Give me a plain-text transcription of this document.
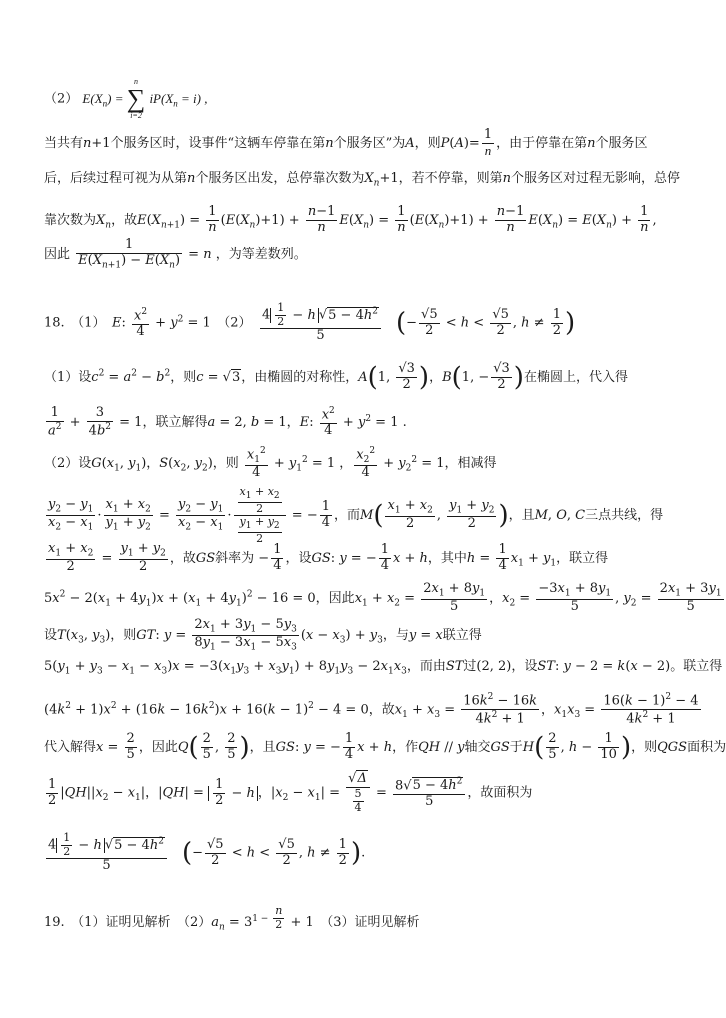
（2） $E(X_n)$ =
n
∑
i=2
$iP(X_n = i)$ ,
当共有n+1个服务区时，设事件“这辆车停靠在第n个服务区”为A，则$P(A)= \frac{1}{n}$ ，由于停靠在第n个服务区
后，后续过程可视为从第n个服务区出发，总停靠次数为$X_n+1$，若不停靠，则第n个服务区对过程无影响，总停
靠次数为$X_n$，故$E(X_{n+1}) = \frac{1}{n} (E(X_n)+1) + \frac{n-1}{n} E(X_n) = \frac{1}{n} (E(X_n)+1) + \frac{n-1}{n} E(X_n) = E(X_n) + \frac{1}{n}$ ,
因此 $\frac{1}{E(X_{n+1}) - E(X_n)} = n$ ，为等差数列。
18.　（1）　E: $\frac{x^2}{4} + y^2 = 1$　（2）　 $\frac{4 \frac{1}{2} - h √5 - 4h^2}{5}$
　 (− $\frac{√5}{2} < h < \frac{√5}{2}$ , $h \ne \frac{1}{2}$ )
（1）设$c^2 = a^2 - b^2$，则c = √3，由椭圆的对称性，A(1, $\frac{√3}{2}$ )，B(1, − $\frac{√3}{2}$ )在椭圆上，代入得
$\frac{1}{a^2} + \frac{3}{4b^2} = 1$，联立解得a = 2, b = 1，E: $\frac{x^2}{4} + y^2 = 1$ .
（2）设$G(x_1$, $y_1$)，$S(x_2$, $y_2$)，则 $\frac{x_1^2}{4} + y_1^2 = 1$ ， $\frac{x_2^2}{4} + y_2^2 = 1$，相减得
$\frac{y_2 - y_1}{x_2 - x_1} \cdot \frac{x_1 + x_2}{y_1 + y_2} = \frac{y_2 - y_1}{x_2 - x_1} \cdot \frac{\frac{x_1 + x_2}{2}}{\frac{y_1 + y_2}{2}}$ = − $\frac{1}{4}$ ，而$M( \frac{x_1 + x_2}{2}$ , $\frac{y_1 + y_2}{2}$ )，且M, O, C三点共线，得
$\frac{x_1 + x_2}{2} = \frac{y_1 + y_2}{2}$ ，故GS斜率为 − $\frac{1}{4}$ ，设GS: y = − $\frac{1}{4}$ x + h，其中$h = \frac{1}{4} x_1 + y_1$，联立得
$5x^2 - 2(x_1 + 4y_1)x + (x_1 + 4y_1)^2 - 16 = 0$，因此$x_1 + x_2 = \frac{2x_1 + 8y_1}{5}$ ，$x_2 = \frac{-3x_1 + 8y_1}{5}$ , $y_2 = \frac{2x_1 + 3y_1}{5}$
设$T(x_3$, $y_3$)，则GT: $y = \frac{2x_1 + 3y_1 - 5y_3}{8y_1 - 3x_1 - 5x_3} (x - x_3) + y_3$，与y = x联立得
$5(y_1 + y_3 - x_1 - x_3)x = -3(x_1y_3 + x_3y_1) + 8y_1y_3 - 2x_1x_3$，而由ST过(2, 2)，设ST: y − 2 = k(x − 2)。联立得
$(4k^2 + 1)x^2 + (16k - 16k^2)x + 16(k - 1)^2 - 4 = 0$，故$x_1 + x_3 = \frac{16k^2 - 16k}{4k^2 + 1}$ ，$x_1x_3 = \frac{16(k - 1)^2 - 4}{4k^2 + 1}$
代入解得$x = \frac{2}{5}$ ，因此$Q( \frac{2}{5}$ , $\frac{2}{5}$ )，且GS: y = − $\frac{1}{4}$ x + h，作QH // y轴交GS于$H( \frac{2}{5}$ , $h - \frac{1}{10}$ )，则QGS面积为
$\frac{1}{2} |QH||x_2 - x_1|$，$|QH| = \frac{1}{2} - h$ ，$|x_2 - x_1| = \frac{√\Delta}{\frac{5}{4}} = \frac{8√5 - 4h^2}{5}$ ，故面积为
$\frac{4 \frac{1}{2} - h √5 - 4h^2}{5}$
　 (− $\frac{√5}{2} < h < \frac{√5}{2}$ , $h \ne \frac{1}{2}$ ).
19.　（1）证明见解析　$(2)a_n = 3^{1 - \frac{n}{2}} + 1$　（3）证明见解析
